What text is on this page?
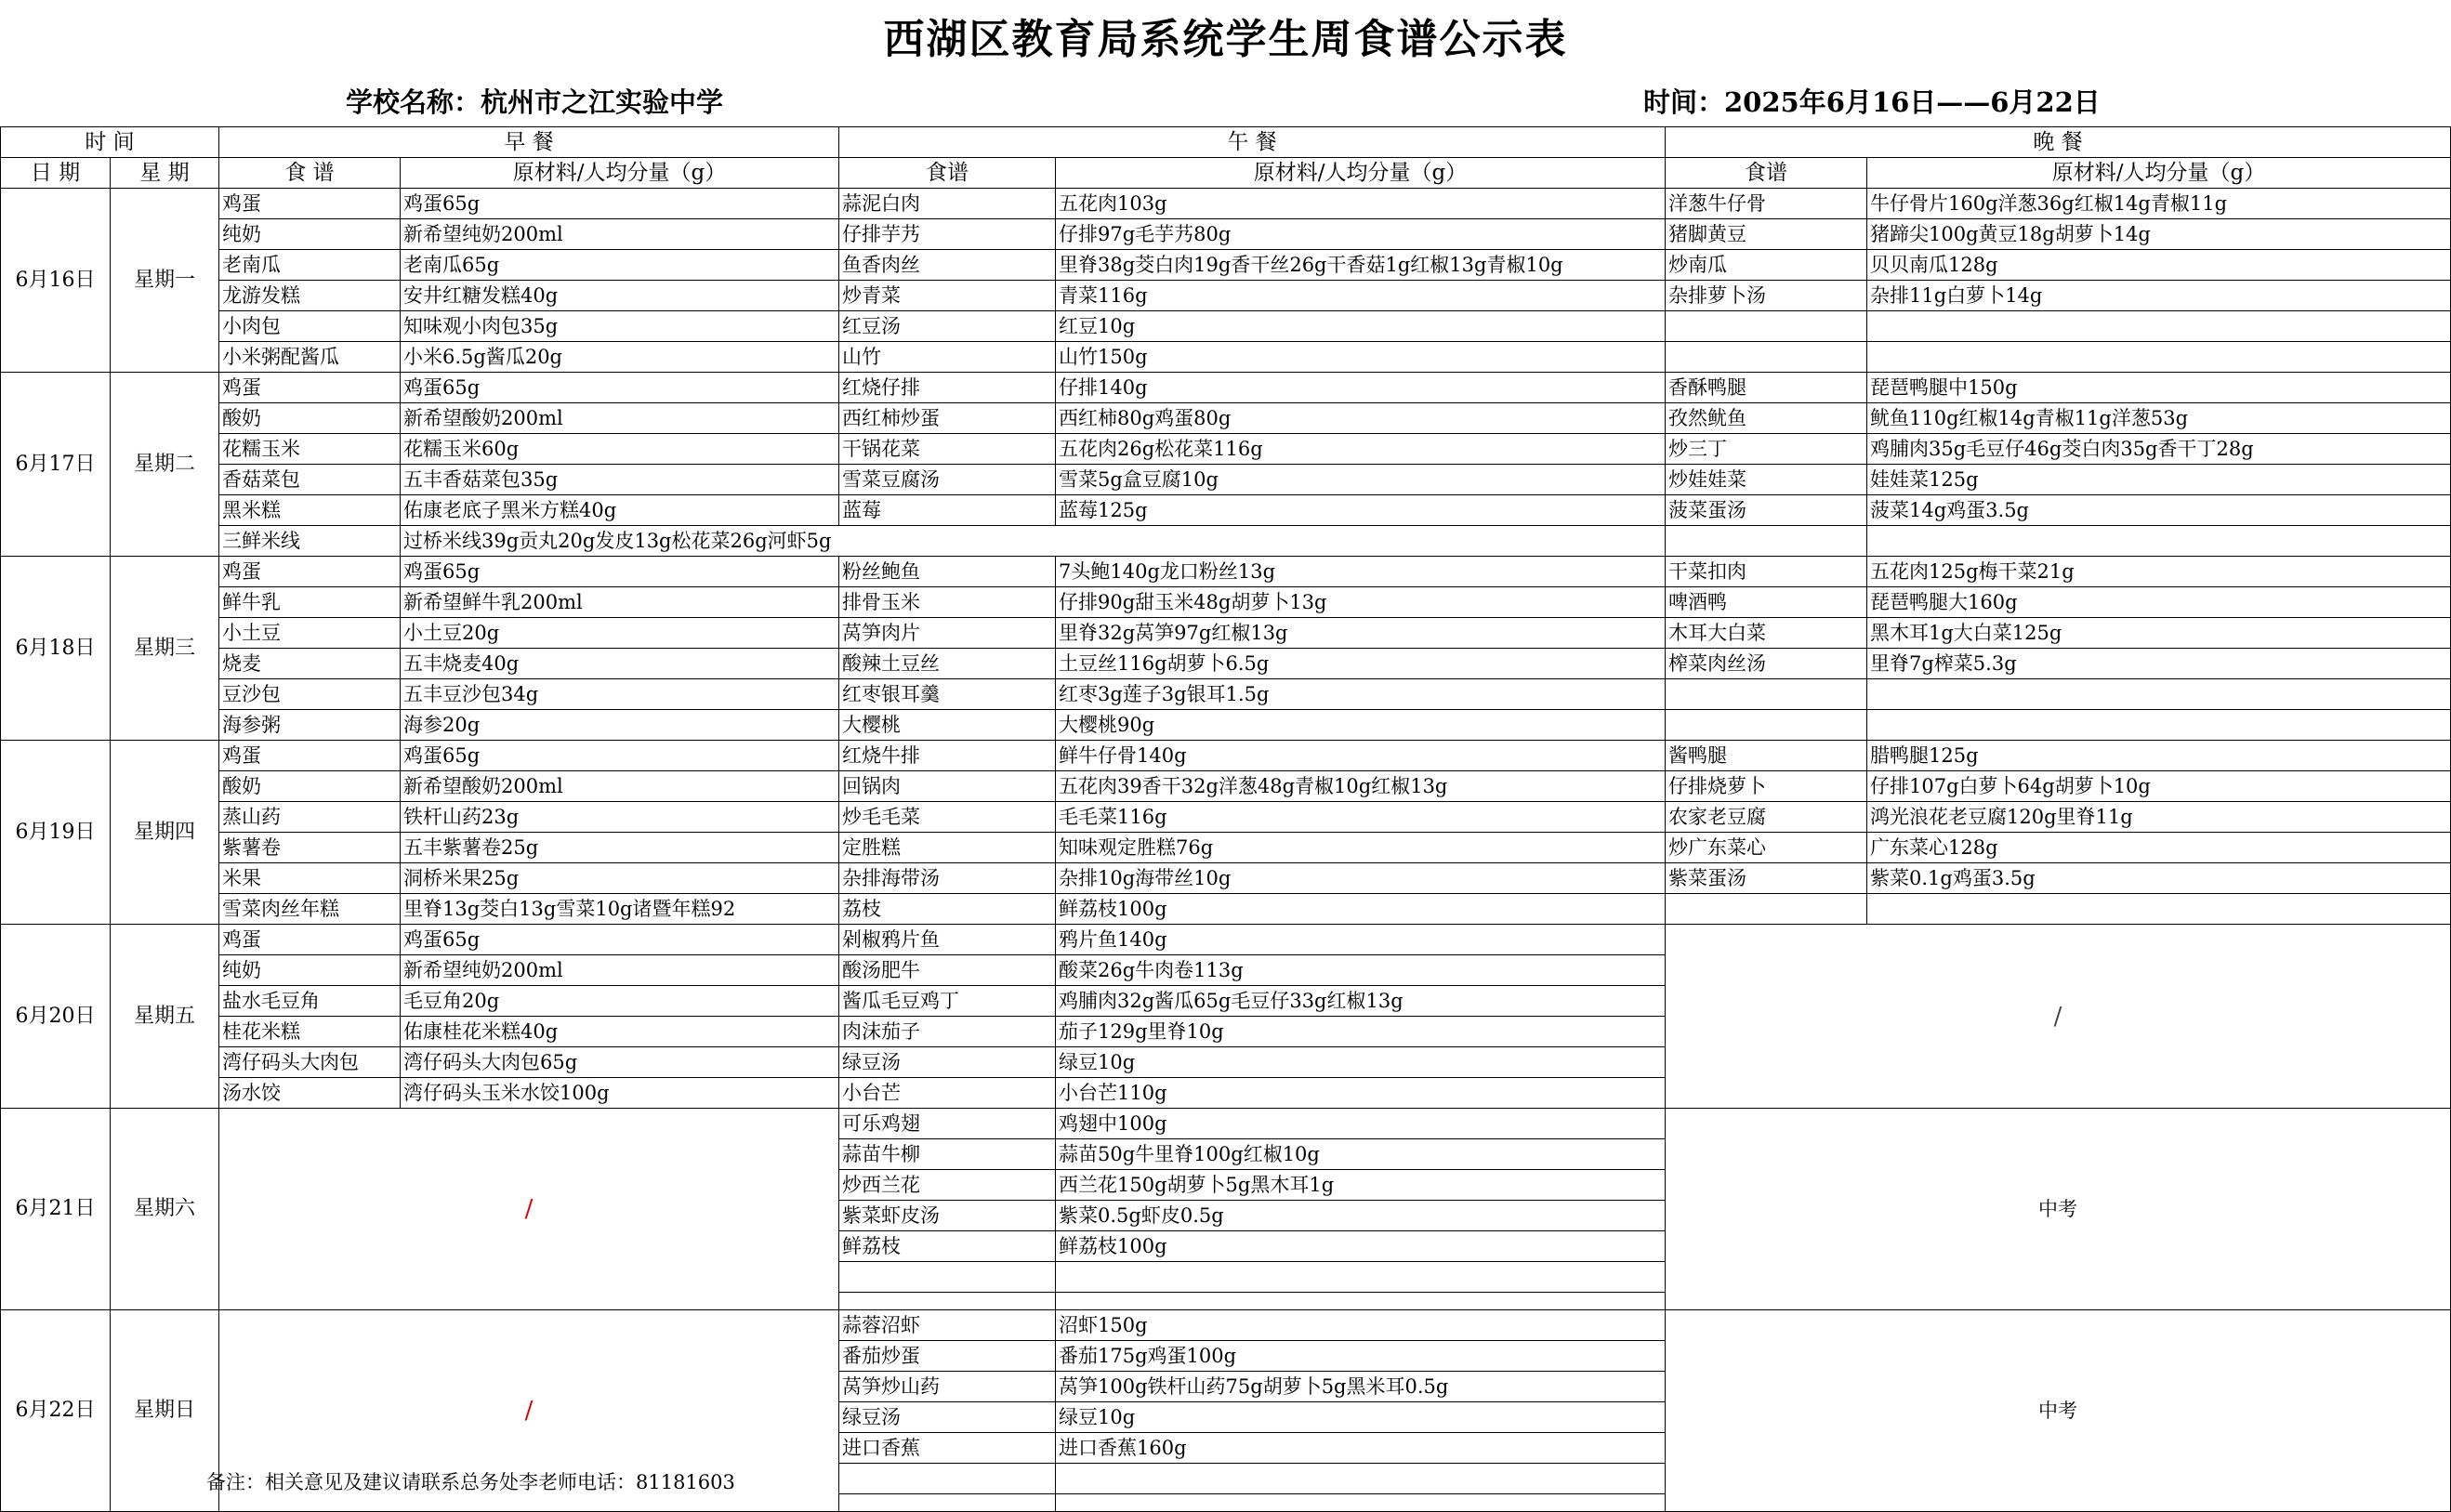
西湖区教育局系统学生周食谱公示表
学校名称：杭州市之江实验中学	时间：2025年6月16日——6月22日
时 间		早 餐		午 餐		晚 餐	
日 期	星 期	食 谱	原材料/人均分量（g）	食谱	原材料/人均分量（g）	食谱	原材料/人均分量（g）
6月16日	星期一	鸡蛋	鸡蛋65g	蒜泥白肉	五花肉103g	洋葱牛仔骨	牛仔骨片160g洋葱36g红椒14g青椒11g
		纯奶	新希望纯奶200ml	仔排芋艿	仔排97g毛芋艿80g	猪脚黄豆	猪蹄尖100g黄豆18g胡萝卜14g
		老南瓜	老南瓜65g	鱼香肉丝	里脊38g茭白肉19g香干丝26g干香菇1g红椒13g青椒10g	炒南瓜	贝贝南瓜128g
		龙游发糕	安井红糖发糕40g	炒青菜	青菜116g	杂排萝卜汤	杂排11g白萝卜14g
		小肉包	知味观小肉包35g	红豆汤	红豆10g		
		小米粥配酱瓜	小米6.5g酱瓜20g	山竹	山竹150g		
6月17日	星期二	鸡蛋	鸡蛋65g	红烧仔排	仔排140g	香酥鸭腿	琵琶鸭腿中150g
		酸奶	新希望酸奶200ml	西红柿炒蛋	西红柿80g鸡蛋80g	孜然鱿鱼	鱿鱼110g红椒14g青椒11g洋葱53g
		花糯玉米	花糯玉米60g	干锅花菜	五花肉26g松花菜116g	炒三丁	鸡脯肉35g毛豆仔46g茭白肉35g香干丁28g
		香菇菜包	五丰香菇菜包35g	雪菜豆腐汤	雪菜5g盒豆腐10g	炒娃娃菜	娃娃菜125g
		黑米糕	佑康老底子黑米方糕40g	蓝莓	蓝莓125g	菠菜蛋汤	菠菜14g鸡蛋3.5g
		三鲜米线	过桥米线39g贡丸20g发皮13g松花菜26g河虾5g				
6月18日	星期三	鸡蛋	鸡蛋65g	粉丝鲍鱼	7头鲍140g龙口粉丝13g	干菜扣肉	五花肉125g梅干菜21g
		鲜牛乳	新希望鲜牛乳200ml	排骨玉米	仔排90g甜玉米48g胡萝卜13g	啤酒鸭	琵琶鸭腿大160g
		小土豆	小土豆20g	莴笋肉片	里脊32g莴笋97g红椒13g	木耳大白菜	黑木耳1g大白菜125g
		烧麦	五丰烧麦40g	酸辣土豆丝	土豆丝116g胡萝卜6.5g	榨菜肉丝汤	里脊7g榨菜5.3g
		豆沙包	五丰豆沙包34g	红枣银耳羹	红枣3g莲子3g银耳1.5g		
		海参粥	海参20g	大樱桃	大樱桃90g		
6月19日	星期四	鸡蛋	鸡蛋65g	红烧牛排	鲜牛仔骨140g	酱鸭腿	腊鸭腿125g
		酸奶	新希望酸奶200ml	回锅肉	五花肉39香干32g洋葱48g青椒10g红椒13g	仔排烧萝卜	仔排107g白萝卜64g胡萝卜10g
		蒸山药	铁杆山药23g	炒毛毛菜	毛毛菜116g	农家老豆腐	鸿光浪花老豆腐120g里脊11g
		紫薯卷	五丰紫薯卷25g	定胜糕	知味观定胜糕76g	炒广东菜心	广东菜心128g
		米果	洞桥米果25g	杂排海带汤	杂排10g海带丝10g	紫菜蛋汤	紫菜0.1g鸡蛋3.5g
		雪菜肉丝年糕	里脊13g茭白13g雪菜10g诸暨年糕92	荔枝	鲜荔枝100g		
6月20日	星期五	鸡蛋	鸡蛋65g	剁椒鸦片鱼	鸦片鱼140g	/	
		纯奶	新希望纯奶200ml	酸汤肥牛	酸菜26g牛肉卷113g		
		盐水毛豆角	毛豆角20g	酱瓜毛豆鸡丁	鸡脯肉32g酱瓜65g毛豆仔33g红椒13g		
		桂花米糕	佑康桂花米糕40g	肉沫茄子	茄子129g里脊10g		
		湾仔码头大肉包	湾仔码头大肉包65g	绿豆汤	绿豆10g		
		汤水饺	湾仔码头玉米水饺100g	小台芒	小台芒110g		
6月21日	星期六	/		可乐鸡翅	鸡翅中100g	中考	
				蒜苗牛柳	蒜苗50g牛里脊100g红椒10g		
				炒西兰花	西兰花150g胡萝卜5g黑木耳1g		
				紫菜虾皮汤	紫菜0.5g虾皮0.5g		
				鲜荔枝	鲜荔枝100g		

6月22日	星期日	/		蒜蓉沼虾	沼虾150g	中考	
				番茄炒蛋	番茄175g鸡蛋100g		
				莴笋炒山药	莴笋100g铁杆山药75g胡萝卜5g黑米耳0.5g		
				绿豆汤	绿豆10g		
				进口香蕉	进口香蕉160g		

备注：相关意见及建议请联系总务处李老师电话：81181603
